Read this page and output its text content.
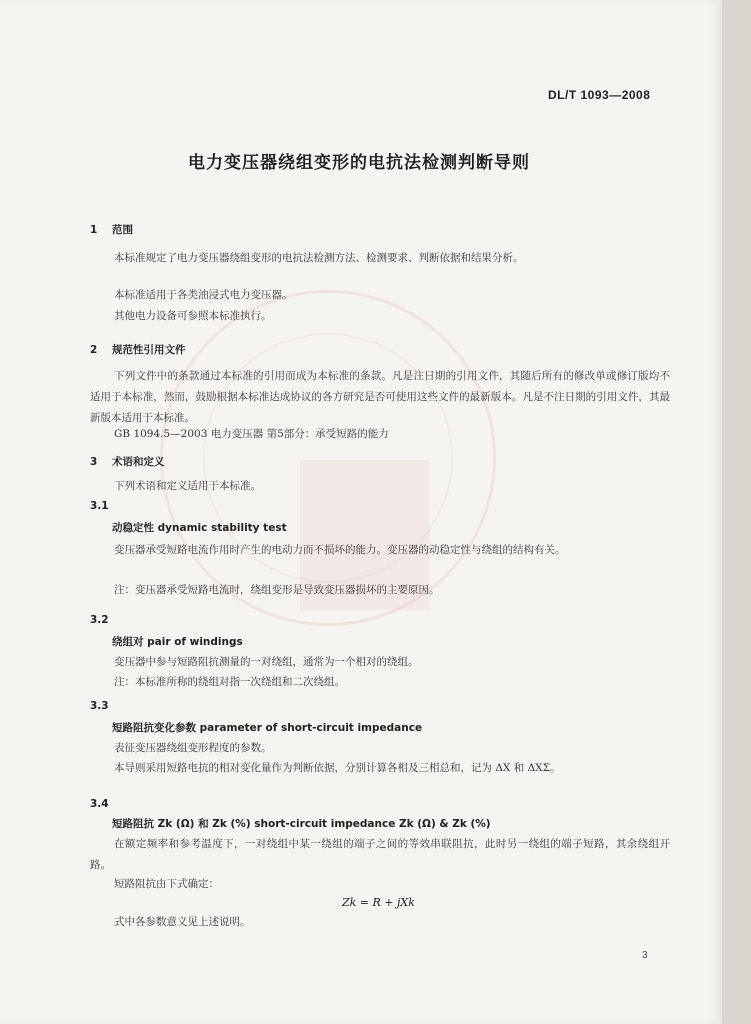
DL/T 1093—2008
电力变压器绕组变形的电抗法检测判断导则
1 范围
本标准规定了电力变压器绕组变形的电抗法检测方法、检测要求、判断依据和结果分析。
本标准适用于各类油浸式电力变压器。
其他电力设备可参照本标准执行。
2 规范性引用文件
下列文件中的条款通过本标准的引用而成为本标准的条款。凡是注日期的引用文件，其随后所有的修改单或修订版均不适用于本标准，然而，鼓励根据本标准达成协议的各方研究是否可使用这些文件的最新版本。凡是不注日期的引用文件，其最新版本适用于本标准。
GB 1094.5—2003 电力变压器 第5部分：承受短路的能力
3 术语和定义
下列术语和定义适用于本标准。
3.1
动稳定性 dynamic stability test
变压器承受短路电流作用时产生的电动力而不损坏的能力。变压器的动稳定性与绕组的结构有关。
注：变压器承受短路电流时，绕组变形是导致变压器损坏的主要原因。
3.2
绕组对 pair of windings
变压器中参与短路阻抗测量的一对绕组，通常为一个相对的绕组。
注：本标准所称的绕组对指一次绕组和二次绕组。
3.3
短路阻抗变化参数 parameter of short-circuit impedance
表征变压器绕组变形程度的参数。
本导则采用短路电抗的相对变化量作为判断依据，分别计算各相及三相总和，记为 ΔX 和 ΔXΣ。
3.4
短路阻抗 Zk (Ω) 和 Zk (%) short-circuit impedance Zk (Ω) & Zk (%)
在额定频率和参考温度下，一对绕组中某一绕组的端子之间的等效串联阻抗，此时另一绕组的端子短路，其余绕组开路。
短路阻抗由下式确定：
Zk = R + jXk
式中各参数意义见上述说明。
3
